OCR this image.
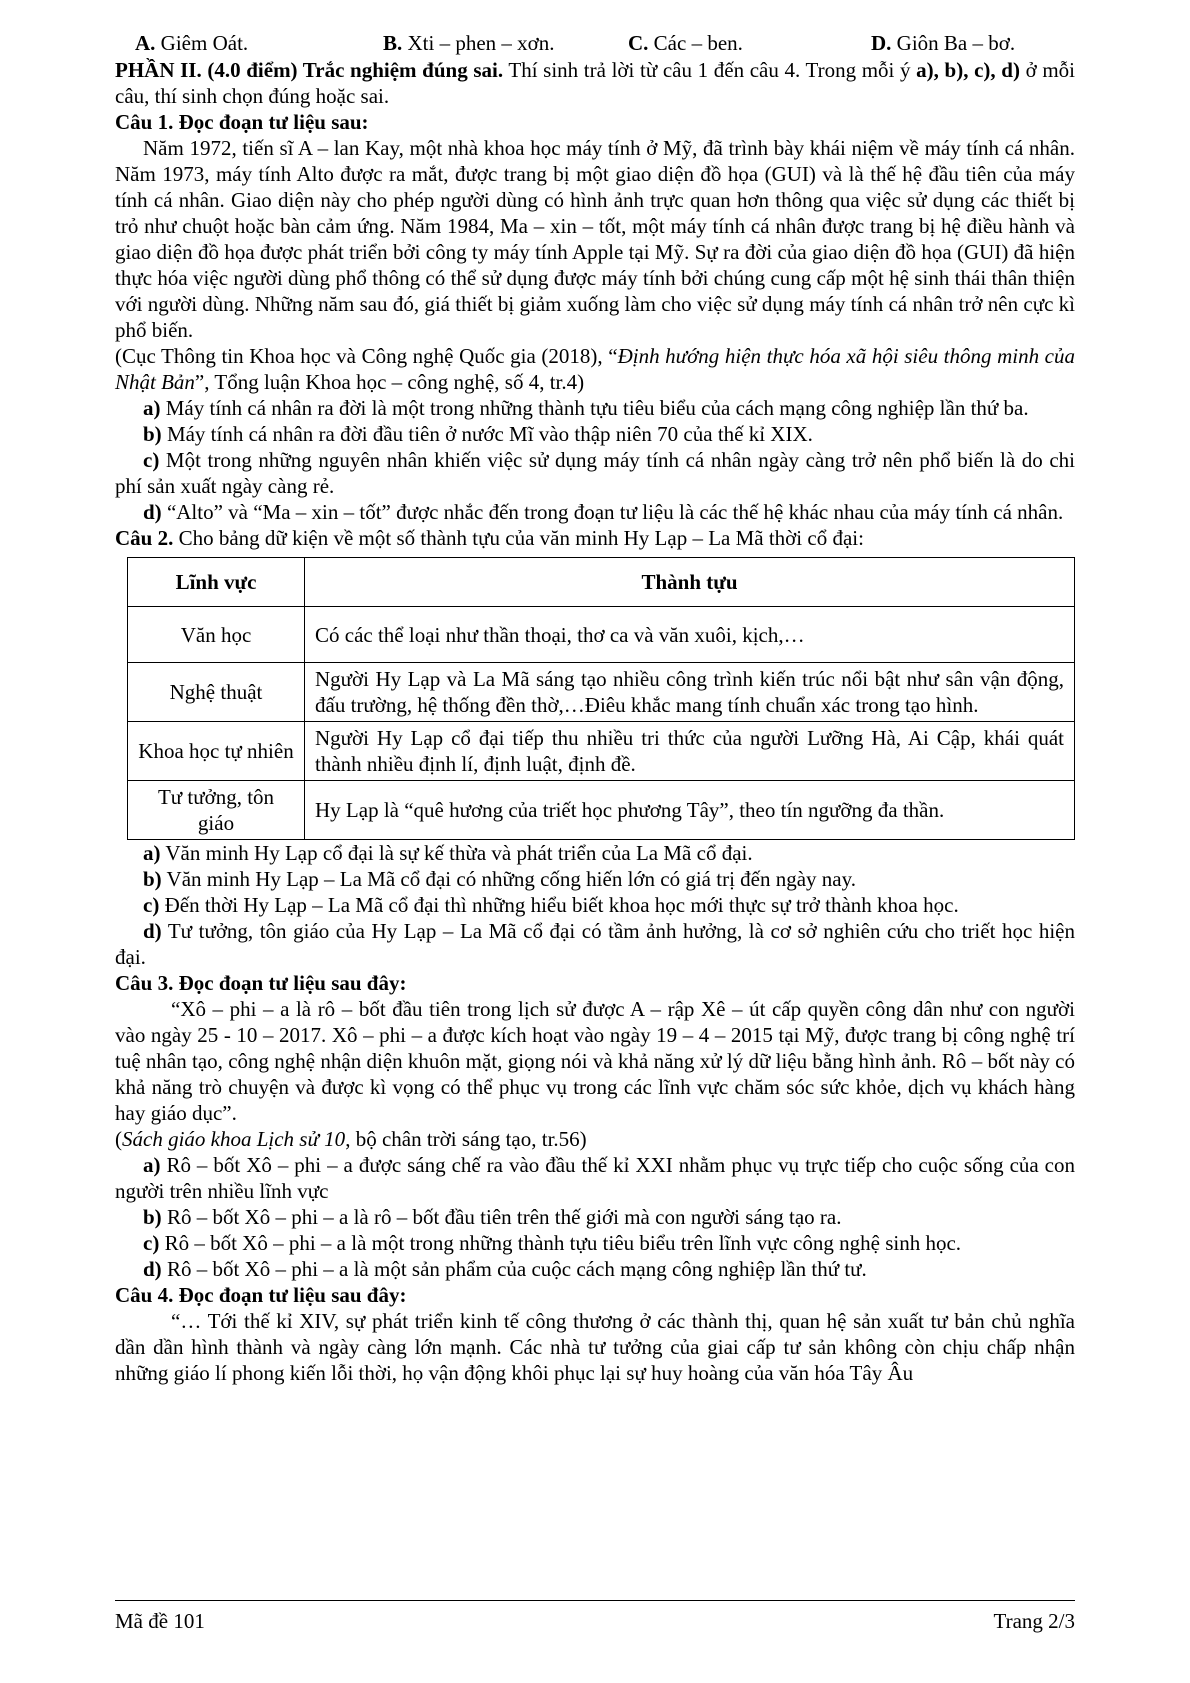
A. Giêm Oát.	B. Xti – phen – xơn.	C. Các – ben.	D. Giôn Ba – bơ.

PHẦN II. (4.0 điểm) Trắc nghiệm đúng sai. Thí sinh trả lời từ câu 1 đến câu 4. Trong mỗi ý a), b), c), d) ở mỗi câu, thí sinh chọn đúng hoặc sai.

Câu 1. Đọc đoạn tư liệu sau:

Năm 1972, tiến sĩ A – lan Kay, một nhà khoa học máy tính ở Mỹ, đã trình bày khái niệm về máy tính cá nhân. Năm 1973, máy tính Alto được ra mắt, được trang bị một giao diện đồ họa (GUI) và là thế hệ đầu tiên của máy tính cá nhân. Giao diện này cho phép người dùng có hình ảnh trực quan hơn thông qua việc sử dụng các thiết bị trỏ như chuột hoặc bàn cảm ứng. Năm 1984, Ma – xin – tốt, một máy tính cá nhân được trang bị hệ điều hành và giao diện đồ họa được phát triển bởi công ty máy tính Apple tại Mỹ. Sự ra đời của giao diện đồ họa (GUI) đã hiện thực hóa việc người dùng phổ thông có thể sử dụng được máy tính bởi chúng cung cấp một hệ sinh thái thân thiện với người dùng. Những năm sau đó, giá thiết bị giảm xuống làm cho việc sử dụng máy tính cá nhân trở nên cực kì phổ biến.

(Cục Thông tin Khoa học và Công nghệ Quốc gia (2018), “Định hướng hiện thực hóa xã hội siêu thông minh của Nhật Bản”, Tổng luận Khoa học – công nghệ, số 4, tr.4)

a) Máy tính cá nhân ra đời là một trong những thành tựu tiêu biểu của cách mạng công nghiệp lần thứ ba.

b) Máy tính cá nhân ra đời đầu tiên ở nước Mĩ vào thập niên 70 của thế kỉ XIX.

c) Một trong những nguyên nhân khiến việc sử dụng máy tính cá nhân ngày càng trở nên phổ biến là do chi phí sản xuất ngày càng rẻ.

d) “Alto” và “Ma – xin – tốt” được nhắc đến trong đoạn tư liệu là các thế hệ khác nhau của máy tính cá nhân.

Câu 2. Cho bảng dữ kiện về một số thành tựu của văn minh Hy Lạp – La Mã thời cổ đại:

Lĩnh vực	Thành tựu
Văn học	Có các thể loại như thần thoại, thơ ca và văn xuôi, kịch,…
Nghệ thuật	Người Hy Lạp và La Mã sáng tạo nhiều công trình kiến trúc nổi bật như sân vận động, đấu trường, hệ thống đền thờ,…Điêu khắc mang tính chuẩn xác trong tạo hình.
Khoa học tự nhiên	Người Hy Lạp cổ đại tiếp thu nhiều tri thức của người Lưỡng Hà, Ai Cập, khái quát thành nhiều định lí, định luật, định đề.
Tư tưởng, tôn giáo	Hy Lạp là “quê hương của triết học phương Tây”, theo tín ngưỡng đa thần.

a) Văn minh Hy Lạp cổ đại là sự kế thừa và phát triển của La Mã cổ đại.

b) Văn minh Hy Lạp – La Mã cổ đại có những cống hiến lớn có giá trị đến ngày nay.

c) Đến thời Hy Lạp – La Mã cổ đại thì những hiểu biết khoa học mới thực sự trở thành khoa học.

d) Tư tưởng, tôn giáo của Hy Lạp – La Mã cổ đại có tầm ảnh hưởng, là cơ sở nghiên cứu cho triết học hiện đại.

Câu 3. Đọc đoạn tư liệu sau đây:

“Xô – phi – a là rô – bốt đầu tiên trong lịch sử được A – rập Xê – út cấp quyền công dân như con người vào ngày 25 - 10 – 2017. Xô – phi – a được kích hoạt vào ngày 19 – 4 – 2015 tại Mỹ, được trang bị công nghệ trí tuệ nhân tạo, công nghệ nhận diện khuôn mặt, giọng nói và khả năng xử lý dữ liệu bằng hình ảnh. Rô – bốt này có khả năng trò chuyện và được kì vọng có thể phục vụ trong các lĩnh vực chăm sóc sức khỏe, dịch vụ khách hàng hay giáo dục”.

(Sách giáo khoa Lịch sử 10, bộ chân trời sáng tạo, tr.56)

a) Rô – bốt Xô – phi – a được sáng chế ra vào đầu thế kỉ XXI nhằm phục vụ trực tiếp cho cuộc sống của con người trên nhiều lĩnh vực

b) Rô – bốt Xô – phi – a là rô – bốt đầu tiên trên thế giới mà con người sáng tạo ra.

c) Rô – bốt Xô – phi – a là một trong những thành tựu tiêu biểu trên lĩnh vực công nghệ sinh học.

d) Rô – bốt Xô – phi – a là một sản phẩm của cuộc cách mạng công nghiệp lần thứ tư.

Câu 4. Đọc đoạn tư liệu sau đây:

“… Tới thế kỉ XIV, sự phát triển kinh tế công thương ở các thành thị, quan hệ sản xuất tư bản chủ nghĩa dần dần hình thành và ngày càng lớn mạnh. Các nhà tư tưởng của giai cấp tư sản không còn chịu chấp nhận những giáo lí phong kiến lỗi thời, họ vận động khôi phục lại sự huy hoàng của văn hóa Tây Âu

Mã đề 101	Trang 2/3
